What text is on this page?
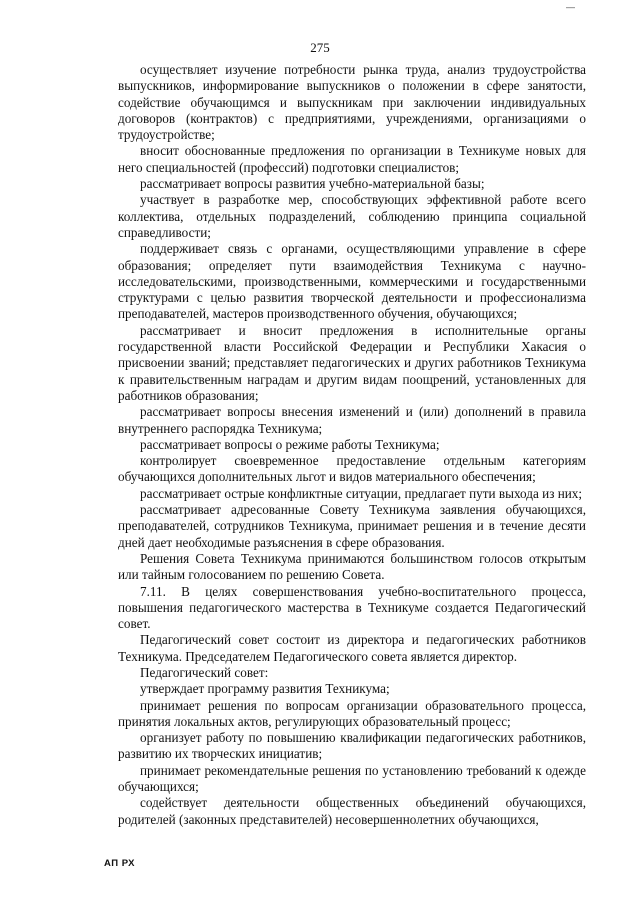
—
275

осуществляет изучение потребности рынка труда, анализ трудоустройства выпускников, информирование выпускников о положении в сфере занятости, содействие обучающимся и выпускникам при заключении индивидуальных договоров (контрактов) с предприятиями, учреждениями, организациями о трудоустройстве;

вносит обоснованные предложения по организации в Техникуме новых для него специальностей (профессий) подготовки специалистов;

рассматривает вопросы развития учебно-материальной базы;

участвует в разработке мер, способствующих эффективной работе всего коллектива, отдельных подразделений, соблюдению принципа социальной справедливости;

поддерживает связь с органами, осуществляющими управление в сфере образования; определяет пути взаимодействия Техникума с научно-исследовательскими, производственными, коммерческими и государственными структурами с целью развития творческой деятельности и профессионализма преподавателей, мастеров производственного обучения, обучающихся;

рассматривает и вносит предложения в исполнительные органы государственной власти Российской Федерации и Республики Хакасия о присвоении званий; представляет педагогических и других работников Техникума к правительственным наградам и другим видам поощрений, установленных для работников образования;

рассматривает вопросы внесения изменений и (или) дополнений в правила внутреннего распорядка Техникума;

рассматривает вопросы о режиме работы Техникума;

контролирует своевременное предоставление отдельным категориям обучающихся дополнительных льгот и видов материального обеспечения;

рассматривает острые конфликтные ситуации, предлагает пути выхода из них;

рассматривает адресованные Совету Техникума заявления обучающихся, преподавателей, сотрудников Техникума, принимает решения и в течение десяти дней дает необходимые разъяснения в сфере образования.

Решения Совета Техникума принимаются большинством голосов открытым или тайным голосованием по решению Совета.

7.11. В целях совершенствования учебно-воспитательного процесса, повышения педагогического мастерства в Техникуме создается Педагогический совет.

Педагогический совет состоит из директора и педагогических работников Техникума. Председателем Педагогического совета является директор.

Педагогический совет:

утверждает программу развития Техникума;

принимает решения по вопросам организации образовательного процесса, принятия локальных актов, регулирующих образовательный процесс;

организует работу по повышению квалификации педагогических работников, развитию их творческих инициатив;

принимает рекомендательные решения по установлению требований к одежде обучающихся;

содействует деятельности общественных объединений обучающихся, родителей (законных представителей) несовершеннолетних обучающихся,

АП РХ
